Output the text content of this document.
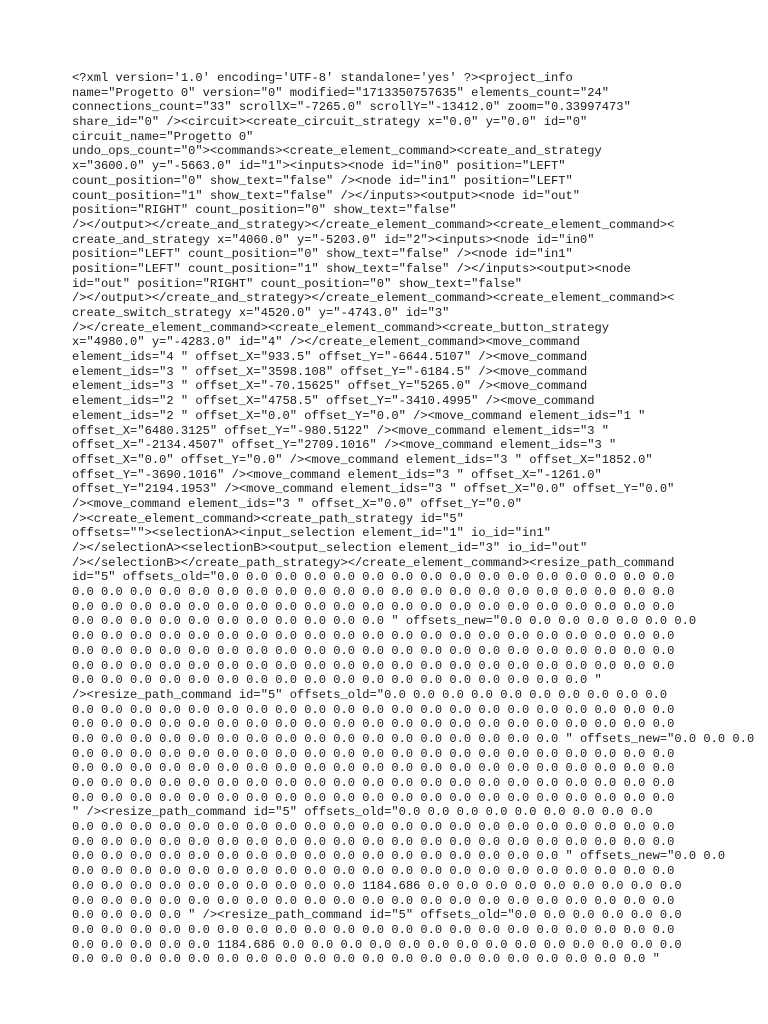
<?xml version='1.0' encoding='UTF-8' standalone='yes' ?><project_info
name="Progetto 0" version="0" modified="1713350757635" elements_count="24"
connections_count="33" scrollX="-7265.0" scrollY="-13412.0" zoom="0.33997473"
share_id="0" /><circuit><create_circuit_strategy x="0.0" y="0.0" id="0"
circuit_name="Progetto 0"
undo_ops_count="0"><commands><create_element_command><create_and_strategy
x="3600.0" y="-5663.0" id="1"><inputs><node id="in0" position="LEFT"
count_position="0" show_text="false" /><node id="in1" position="LEFT"
count_position="1" show_text="false" /></inputs><output><node id="out"
position="RIGHT" count_position="0" show_text="false"
/></output></create_and_strategy></create_element_command><create_element_command><
create_and_strategy x="4060.0" y="-5203.0" id="2"><inputs><node id="in0"
position="LEFT" count_position="0" show_text="false" /><node id="in1"
position="LEFT" count_position="1" show_text="false" /></inputs><output><node
id="out" position="RIGHT" count_position="0" show_text="false"
/></output></create_and_strategy></create_element_command><create_element_command><
create_switch_strategy x="4520.0" y="-4743.0" id="3"
/></create_element_command><create_element_command><create_button_strategy
x="4980.0" y="-4283.0" id="4" /></create_element_command><move_command
element_ids="4 " offset_X="933.5" offset_Y="-6644.5107" /><move_command
element_ids="3 " offset_X="3598.108" offset_Y="-6184.5" /><move_command
element_ids="3 " offset_X="-70.15625" offset_Y="5265.0" /><move_command
element_ids="2 " offset_X="4758.5" offset_Y="-3410.4995" /><move_command
element_ids="2 " offset_X="0.0" offset_Y="0.0" /><move_command element_ids="1 "
offset_X="6480.3125" offset_Y="-980.5122" /><move_command element_ids="3 "
offset_X="-2134.4507" offset_Y="2709.1016" /><move_command element_ids="3 "
offset_X="0.0" offset_Y="0.0" /><move_command element_ids="3 " offset_X="1852.0"
offset_Y="-3690.1016" /><move_command element_ids="3 " offset_X="-1261.0"
offset_Y="2194.1953" /><move_command element_ids="3 " offset_X="0.0" offset_Y="0.0"
/><move_command element_ids="3 " offset_X="0.0" offset_Y="0.0"
/><create_element_command><create_path_strategy id="5"
offsets=""><selectionA><input_selection element_id="1" io_id="in1"
/></selectionA><selectionB><output_selection element_id="3" io_id="out"
/></selectionB></create_path_strategy></create_element_command><resize_path_command
id="5" offsets_old="0.0 0.0 0.0 0.0 0.0 0.0 0.0 0.0 0.0 0.0 0.0 0.0 0.0 0.0 0.0 0.0
0.0 0.0 0.0 0.0 0.0 0.0 0.0 0.0 0.0 0.0 0.0 0.0 0.0 0.0 0.0 0.0 0.0 0.0 0.0 0.0 0.0
0.0 0.0 0.0 0.0 0.0 0.0 0.0 0.0 0.0 0.0 0.0 0.0 0.0 0.0 0.0 0.0 0.0 0.0 0.0 0.0 0.0
0.0 0.0 0.0 0.0 0.0 0.0 0.0 0.0 0.0 0.0 0.0 " offsets_new="0.0 0.0 0.0 0.0 0.0 0.0 0.0
0.0 0.0 0.0 0.0 0.0 0.0 0.0 0.0 0.0 0.0 0.0 0.0 0.0 0.0 0.0 0.0 0.0 0.0 0.0 0.0 0.0
0.0 0.0 0.0 0.0 0.0 0.0 0.0 0.0 0.0 0.0 0.0 0.0 0.0 0.0 0.0 0.0 0.0 0.0 0.0 0.0 0.0
0.0 0.0 0.0 0.0 0.0 0.0 0.0 0.0 0.0 0.0 0.0 0.0 0.0 0.0 0.0 0.0 0.0 0.0 0.0 0.0 0.0
0.0 0.0 0.0 0.0 0.0 0.0 0.0 0.0 0.0 0.0 0.0 0.0 0.0 0.0 0.0 0.0 0.0 0.0 "
/><resize_path_command id="5" offsets_old="0.0 0.0 0.0 0.0 0.0 0.0 0.0 0.0 0.0 0.0
0.0 0.0 0.0 0.0 0.0 0.0 0.0 0.0 0.0 0.0 0.0 0.0 0.0 0.0 0.0 0.0 0.0 0.0 0.0 0.0 0.0
0.0 0.0 0.0 0.0 0.0 0.0 0.0 0.0 0.0 0.0 0.0 0.0 0.0 0.0 0.0 0.0 0.0 0.0 0.0 0.0 0.0
0.0 0.0 0.0 0.0 0.0 0.0 0.0 0.0 0.0 0.0 0.0 0.0 0.0 0.0 0.0 0.0 0.0 " offsets_new="0.0 0.0 0.0
0.0 0.0 0.0 0.0 0.0 0.0 0.0 0.0 0.0 0.0 0.0 0.0 0.0 0.0 0.0 0.0 0.0 0.0 0.0 0.0 0.0
0.0 0.0 0.0 0.0 0.0 0.0 0.0 0.0 0.0 0.0 0.0 0.0 0.0 0.0 0.0 0.0 0.0 0.0 0.0 0.0 0.0
0.0 0.0 0.0 0.0 0.0 0.0 0.0 0.0 0.0 0.0 0.0 0.0 0.0 0.0 0.0 0.0 0.0 0.0 0.0 0.0 0.0
0.0 0.0 0.0 0.0 0.0 0.0 0.0 0.0 0.0 0.0 0.0 0.0 0.0 0.0 0.0 0.0 0.0 0.0 0.0 0.0 0.0
" /><resize_path_command id="5" offsets_old="0.0 0.0 0.0 0.0 0.0 0.0 0.0 0.0 0.0
0.0 0.0 0.0 0.0 0.0 0.0 0.0 0.0 0.0 0.0 0.0 0.0 0.0 0.0 0.0 0.0 0.0 0.0 0.0 0.0 0.0
0.0 0.0 0.0 0.0 0.0 0.0 0.0 0.0 0.0 0.0 0.0 0.0 0.0 0.0 0.0 0.0 0.0 0.0 0.0 0.0 0.0
0.0 0.0 0.0 0.0 0.0 0.0 0.0 0.0 0.0 0.0 0.0 0.0 0.0 0.0 0.0 0.0 0.0 " offsets_new="0.0 0.0
0.0 0.0 0.0 0.0 0.0 0.0 0.0 0.0 0.0 0.0 0.0 0.0 0.0 0.0 0.0 0.0 0.0 0.0 0.0 0.0 0.0
0.0 0.0 0.0 0.0 0.0 0.0 0.0 0.0 0.0 0.0 1184.686 0.0 0.0 0.0 0.0 0.0 0.0 0.0 0.0 0.0
0.0 0.0 0.0 0.0 0.0 0.0 0.0 0.0 0.0 0.0 0.0 0.0 0.0 0.0 0.0 0.0 0.0 0.0 0.0 0.0 0.0
0.0 0.0 0.0 0.0 " /><resize_path_command id="5" offsets_old="0.0 0.0 0.0 0.0 0.0 0.0
0.0 0.0 0.0 0.0 0.0 0.0 0.0 0.0 0.0 0.0 0.0 0.0 0.0 0.0 0.0 0.0 0.0 0.0 0.0 0.0 0.0
0.0 0.0 0.0 0.0 0.0 1184.686 0.0 0.0 0.0 0.0 0.0 0.0 0.0 0.0 0.0 0.0 0.0 0.0 0.0 0.0
0.0 0.0 0.0 0.0 0.0 0.0 0.0 0.0 0.0 0.0 0.0 0.0 0.0 0.0 0.0 0.0 0.0 0.0 0.0 0.0 "
